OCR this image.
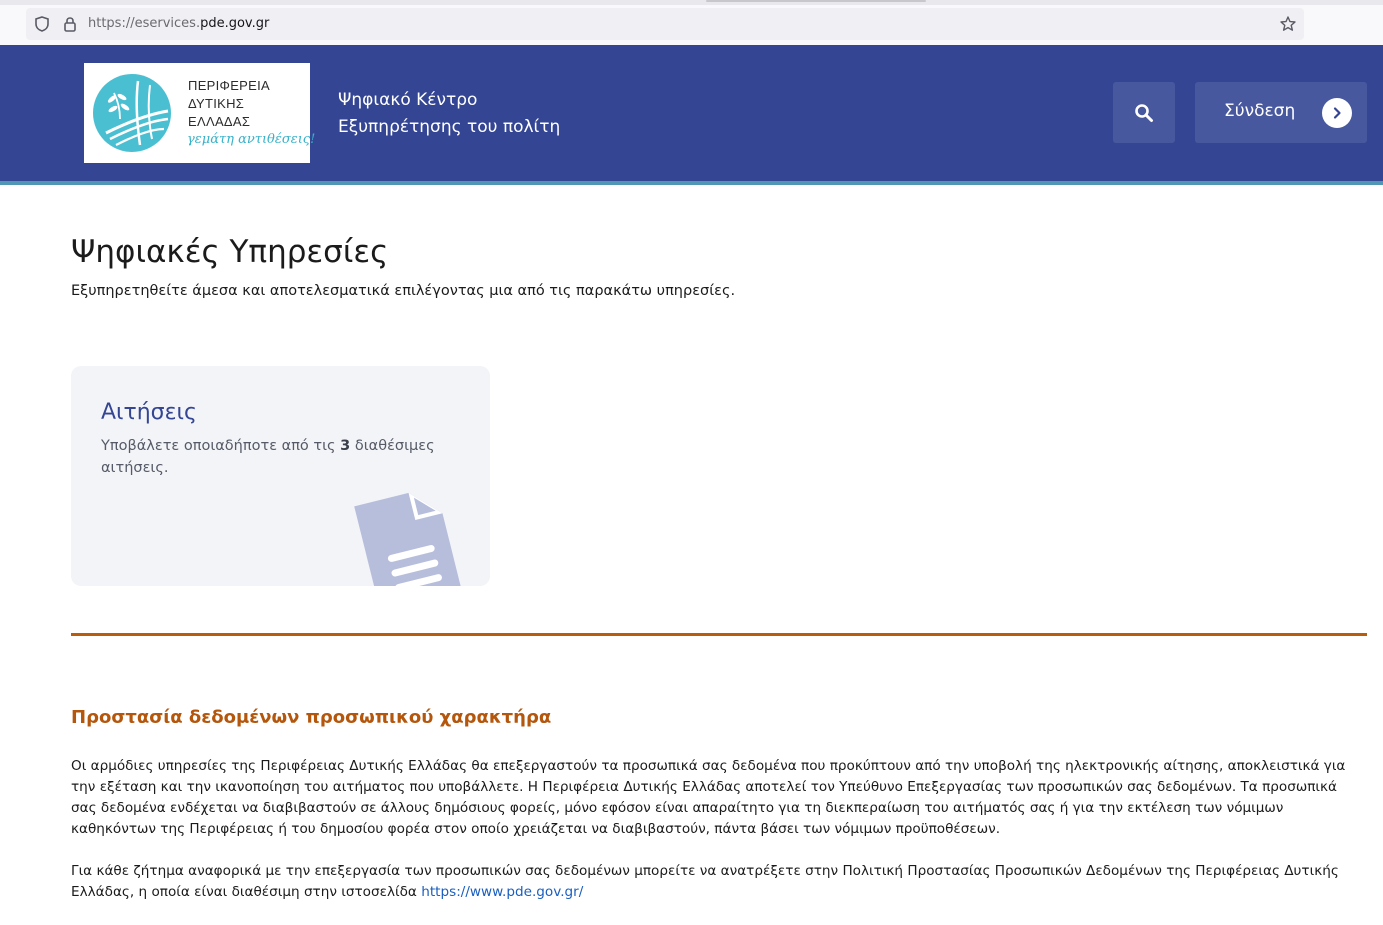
https://eservices.pde.gov.gr
ΠΕΡΙΦΕΡΕΙΑ
ΔΥΤΙΚΗΣ
ΕΛΛΑΔΑΣ
γεμάτη αντιθέσεις!
Ψηφιακό Κέντρο
Εξυπηρέτησης του πολίτη
Σύνδεση
Ψηφιακές Υπηρεσίες

Εξυπηρετηθείτε άμεσα και αποτελεσματικά επιλέγοντας μια από τις παρακάτω υπηρεσίες.

Αιτήσεις
Υποβάλετε οποιαδήποτε από τις 3 διαθέσιμες αιτήσεις.
Προστασία δεδομένων προσωπικού χαρακτήρα

Οι αρμόδιες υπηρεσίες της Περιφέρειας Δυτικής Ελλάδας θα επεξεργαστούν τα προσωπικά σας δεδομένα που προκύπτουν από την υποβολή της ηλεκτρονικής αίτησης, αποκλειστικά για την εξέταση και την ικανοποίηση του αιτήματος που υποβάλλετε. Η Περιφέρεια Δυτικής Ελλάδας αποτελεί τον Υπεύθυνο Επεξεργασίας των προσωπικών σας δεδομένων. Τα προσωπικά σας δεδομένα ενδέχεται να διαβιβαστούν σε άλλους δημόσιους φορείς, μόνο εφόσον είναι απαραίτητο για τη διεκπεραίωση του αιτήματός σας ή για την εκτέλεση των νόμιμων καθηκόντων της Περιφέρειας ή του δημοσίου φορέα στον οποίο χρειάζεται να διαβιβαστούν, πάντα βάσει των νόμιμων προϋποθέσεων.

Για κάθε ζήτημα αναφορικά με την επεξεργασία των προσωπικών σας δεδομένων μπορείτε να ανατρέξετε στην Πολιτική Προστασίας Προσωπικών Δεδομένων της Περιφέρειας Δυτικής Ελλάδας, η οποία είναι διαθέσιμη στην ιστοσελίδα https://www.pde.gov.gr/
